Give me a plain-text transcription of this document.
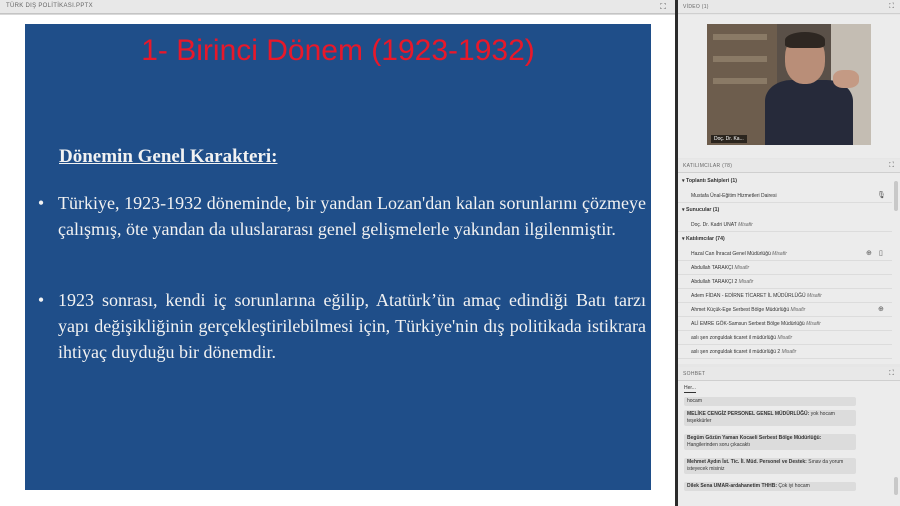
TÜRK DIŞ POLİTİKASI.PPTX	⛶
1- Birinci Dönem (1923-1932)
Dönemin Genel Karakteri:
• Türkiye, 1923-1932 döneminde, bir yandan Lozan'dan kalan sorunlarını çözmeye çalışmış, öte yandan da uluslararası genel gelişmelerle yakından ilgilenmiştir.
• 1923 sonrası, kendi iç sorunlarına eğilip, Atatürk’ün amaç edindiği Batı tarzı yapı değişikliğinin gerçekleştirilebilmesi için, Türkiye'nin dış politikada istikrara ihtiyaç duyduğu bir dönemdir.
VİDEO (1)	⛶
Doç. Dr. Ka...
KATILIMCILAR (78)	⛶
▾ Toplantı Sahipleri (1)
Mustafa Ünal-Eğitim Hizmetleri Dairesi	🎙
▾ Sunucular (1)
Doç. Dr. Kadri UNAT Misafir
▾ Katılımcılar (74)
Hazal Can İhracat Genel Müdürlüğü Misafir	⊕ ▯
Abdullah TARAKÇI Misafir
Abdullah TARAKÇI 2 Misafir
Adem FİDAN - EDİRNE TİCARET İL MÜDÜRLÜĞÜ Misafir
Ahmet Küçük-Ege Serbest Bölge Müdürlüğü Misafir	⊕
ALİ EMRE GÖK-Samsun Serbest Bölge Müdürlüğü Misafir
aslı şen zonguldak ticaret il müdürlüğü Misafir
aslı şen zonguldak ticaret il müdürlüğü 2 Misafir
SOHBET	⛶
Her...
hocam
MELİKE CENGİZ PERSONEL GENEL MÜDÜRLÜĞÜ: yok hocam teşekkürler
Begüm Gözün Yaman Kocaeli Serbest Bölge Müdürlüğü: Hangilerinden soru çıkacaktı
Mehmet Aydın İst. Tic. İl. Müd. Personel ve Destek: Sınav da yorum isteyecek misiniz
Dilek Sena UMAR-ardahanetim THHB: Çok iyi hocam
